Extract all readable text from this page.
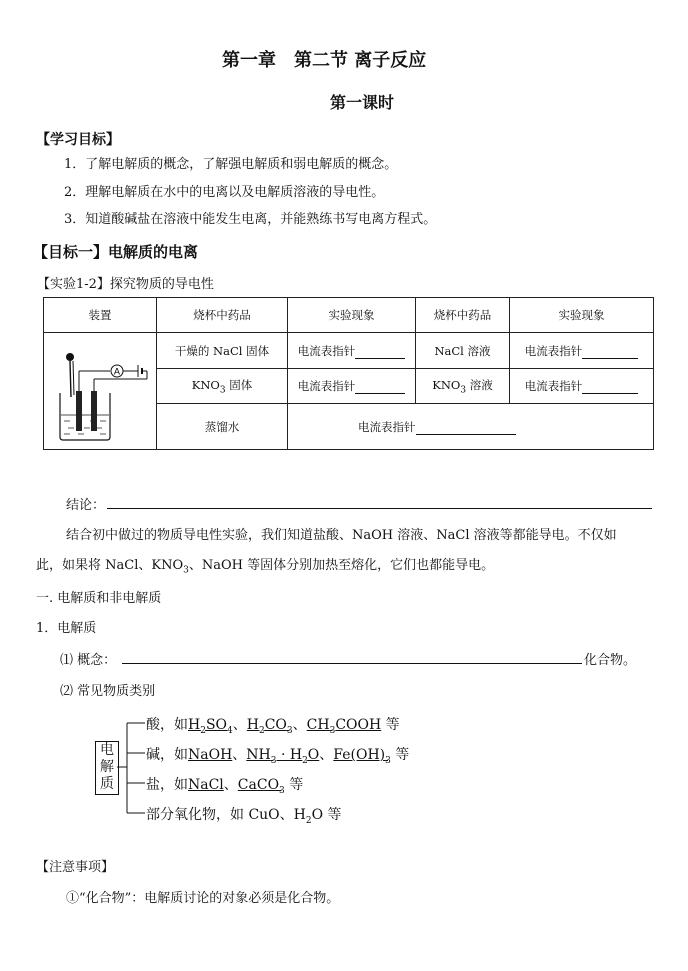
第一章　第二节 离子反应
第一课时
【学习目标】
1．了解电解质的概念，了解强电解质和弱电解质的概念。
2．理解电解质在水中的电离以及电解质溶液的导电性。
3．知道酸碱盐在溶液中能发生电离，并能熟练书写电离方程式。
【目标一】电解质的电离
【实验1-2】探究物质的导电性
装置	烧杯中药品	实验现象	烧杯中药品	实验现象

A	干燥的 NaCl 固体	电流表指针	NaCl 溶液	电流表指针
	$KNO_3$ 固体	电流表指针	$KNO_3$ 溶液	电流表指针
	蒸馏水	电流表指针		
结论：
结合初中做过的物质导电性实验，我们知道盐酸、NaOH 溶液、NaCl 溶液等都能导电。不仅如
此，如果将 NaCl、$KNO_3$、NaOH 等固体分别加热至熔化，它们也都能导电。
一. 电解质和非电解质
1．电解质
⑴ 概念：	化合物。
⑵ 常见物质类别
电
解
质
酸，如$H_2SO_4$、$H_2CO_3$、$CH_3COOH$ 等
碱，如NaOH、$NH_3 \cdot H_2O$、$Fe(OH)_3$ 等
盐，如NaCl、CaCO$_3$ 等
部分氧化物，如 CuO、$H_2O$ 等
【注意事项】
①“化合物”：电解质讨论的对象必须是化合物。
